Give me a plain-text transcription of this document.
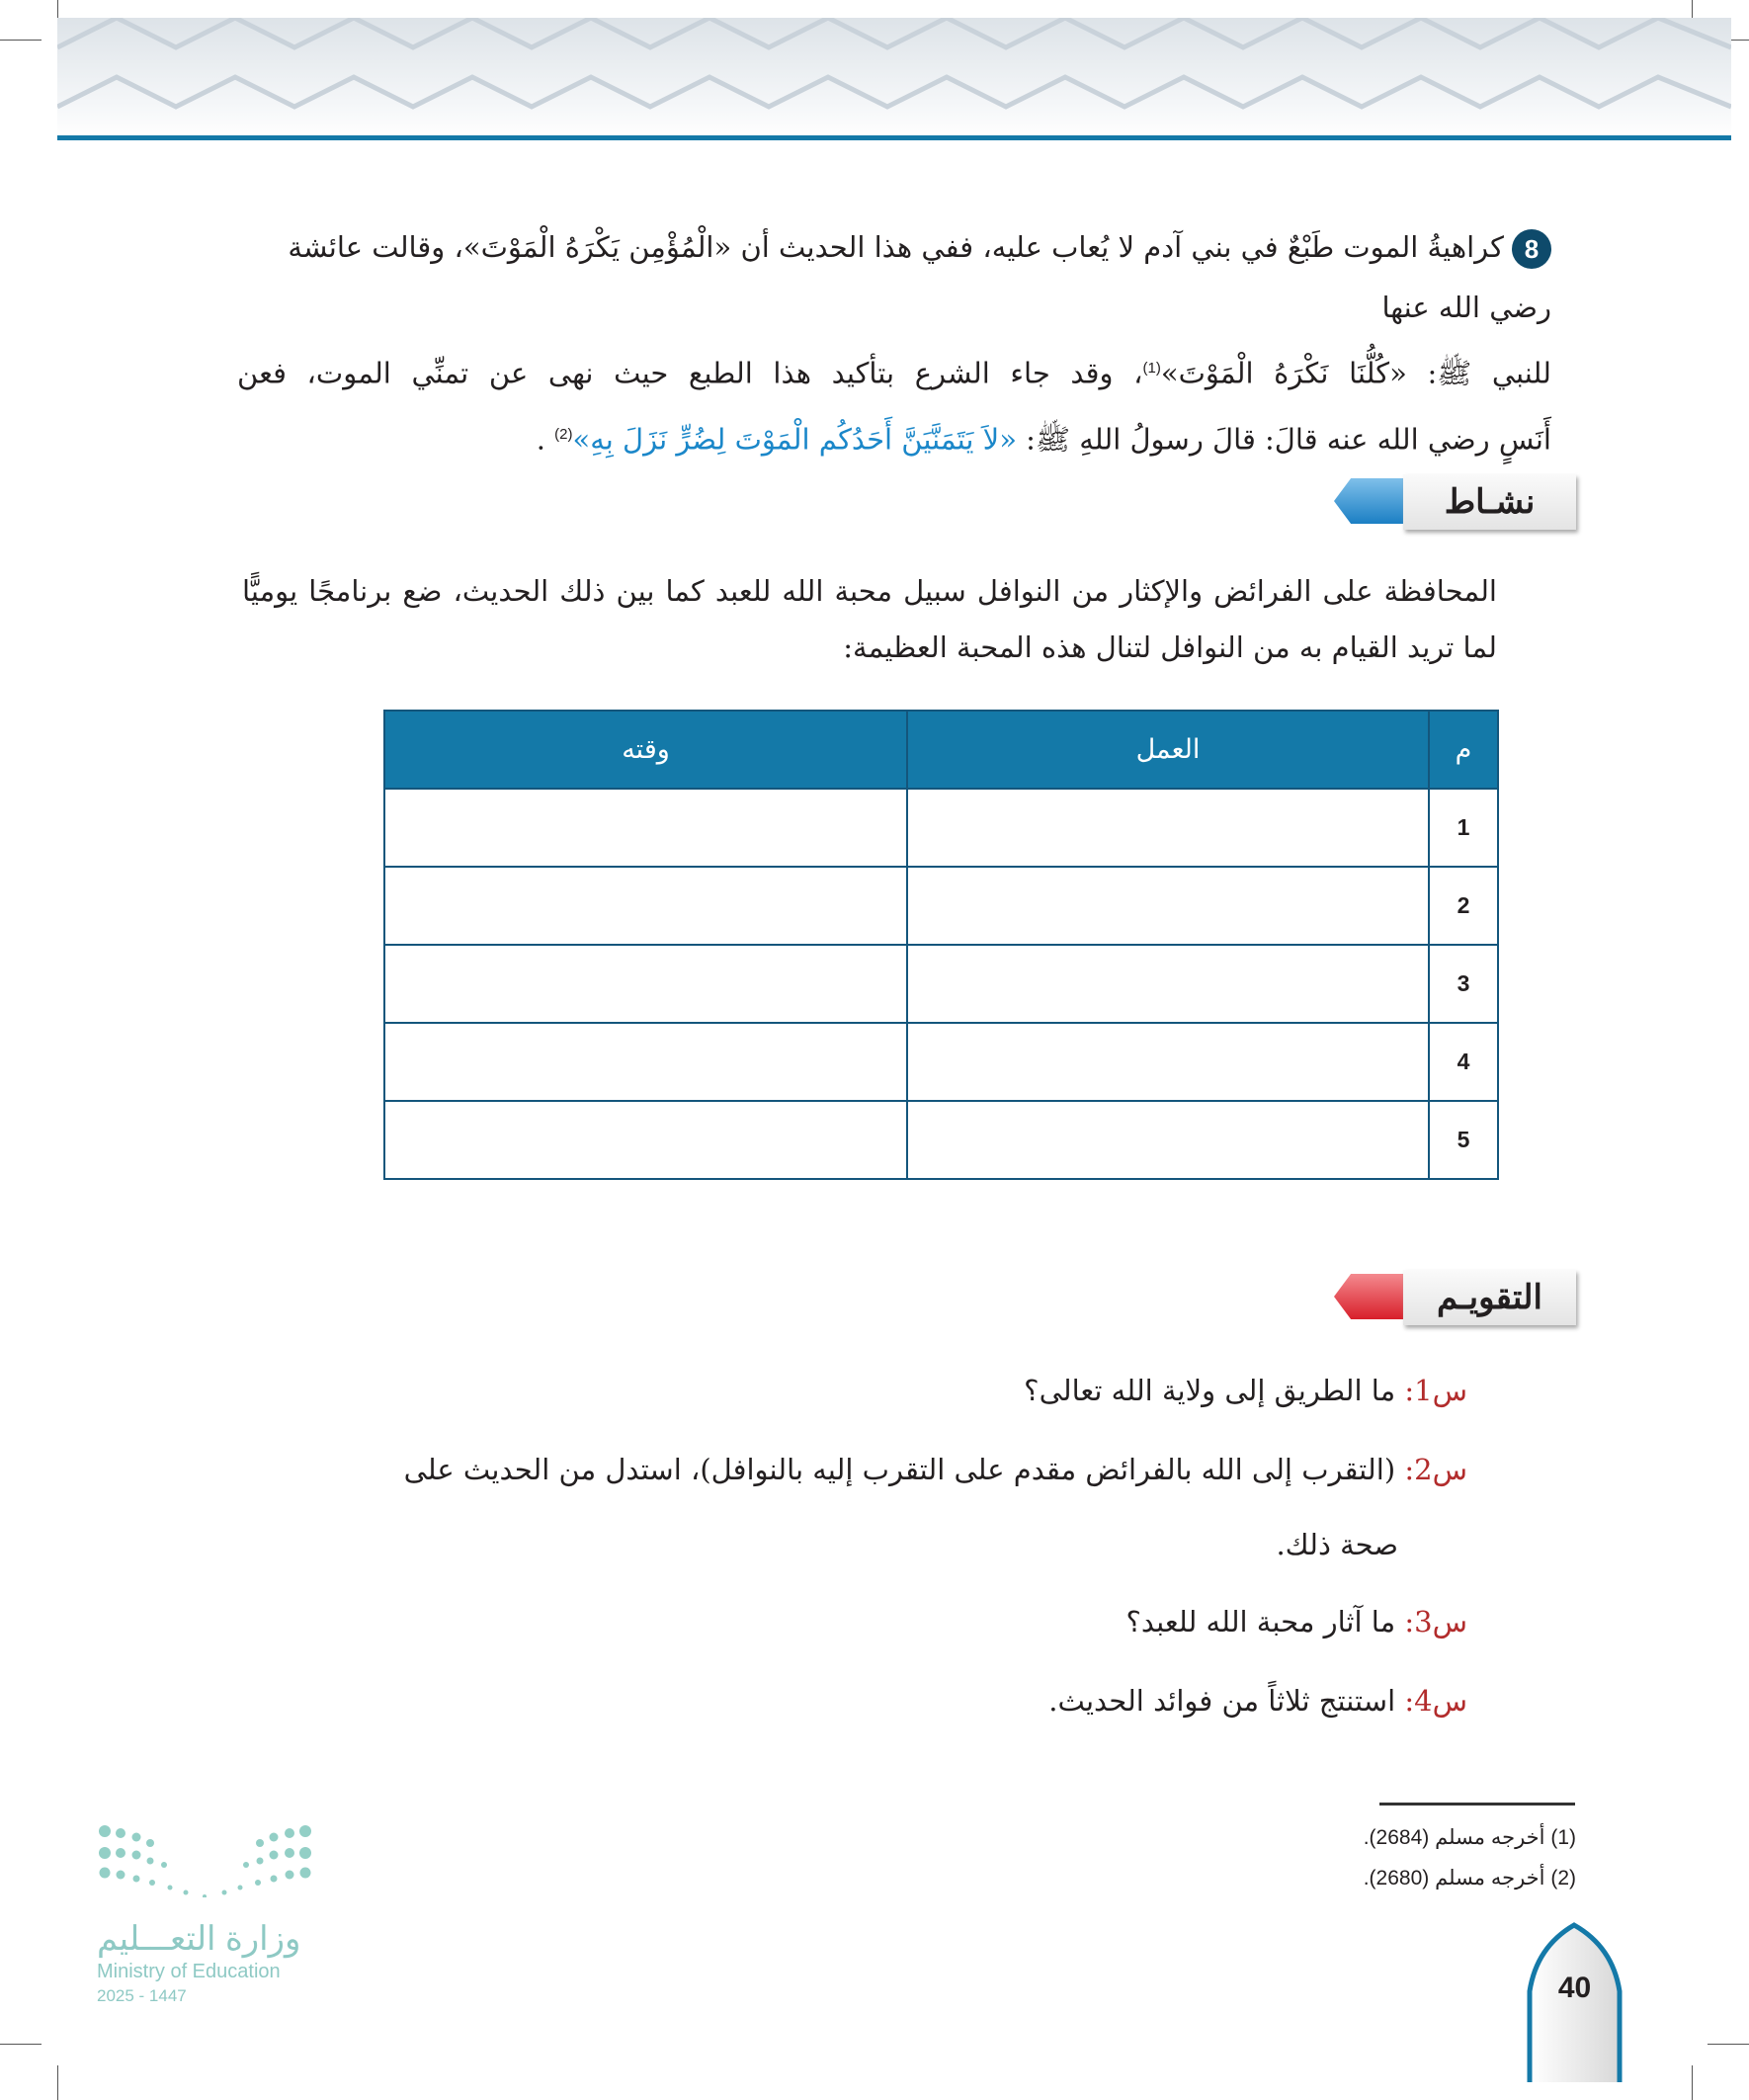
8كراهيةُ الموت طَبْعٌ في بني آدم لا يُعاب عليه، ففي هذا الحديث أن «الْمُؤْمِن يَكْرَهُ الْمَوْتَ»، وقالت عائشة رضي الله عنها
للنبي ﷺ: «كُلُّنَا نَكْرَهُ الْمَوْتَ»$^{(1)}$، وقد جاء الشرع بتأكيد هذا الطبع حيث نهى عن تمنِّي الموت، فعن
أَنَسٍ رضي الله عنه قالَ: قالَ رسولُ اللهِ ﷺ: «لاَ يَتَمَنَّيَنَّ أَحَدُكُم الْمَوْتَ لِضُرٍّ نَزَلَ بِهِ»$^{(2)}$ .
نشـاط
المحافظة على الفرائض والإكثار من النوافل سبيل محبة الله للعبد كما بين ذلك الحديث، ضع برنامجًا يوميًّا لما تريد القيام به من النوافل لتنال هذه المحبة العظيمة:
م	العمل	وقته
1		
2		
3		
4		
5		
التقويـم
س1: ما الطريق إلى ولاية الله تعالى؟
س2: (التقرب إلى الله بالفرائض مقدم على التقرب إليه بالنوافل)، استدل من الحديث على
صحة ذلك.
س3: ما آثار محبة الله للعبد؟
س4: استنتج ثلاثاً من فوائد الحديث.
(1) أخرجه مسلم (2684).
(2) أخرجه مسلم (2680).
وزارة التعـــليم
Ministry of Education
2025 - 1447	40
